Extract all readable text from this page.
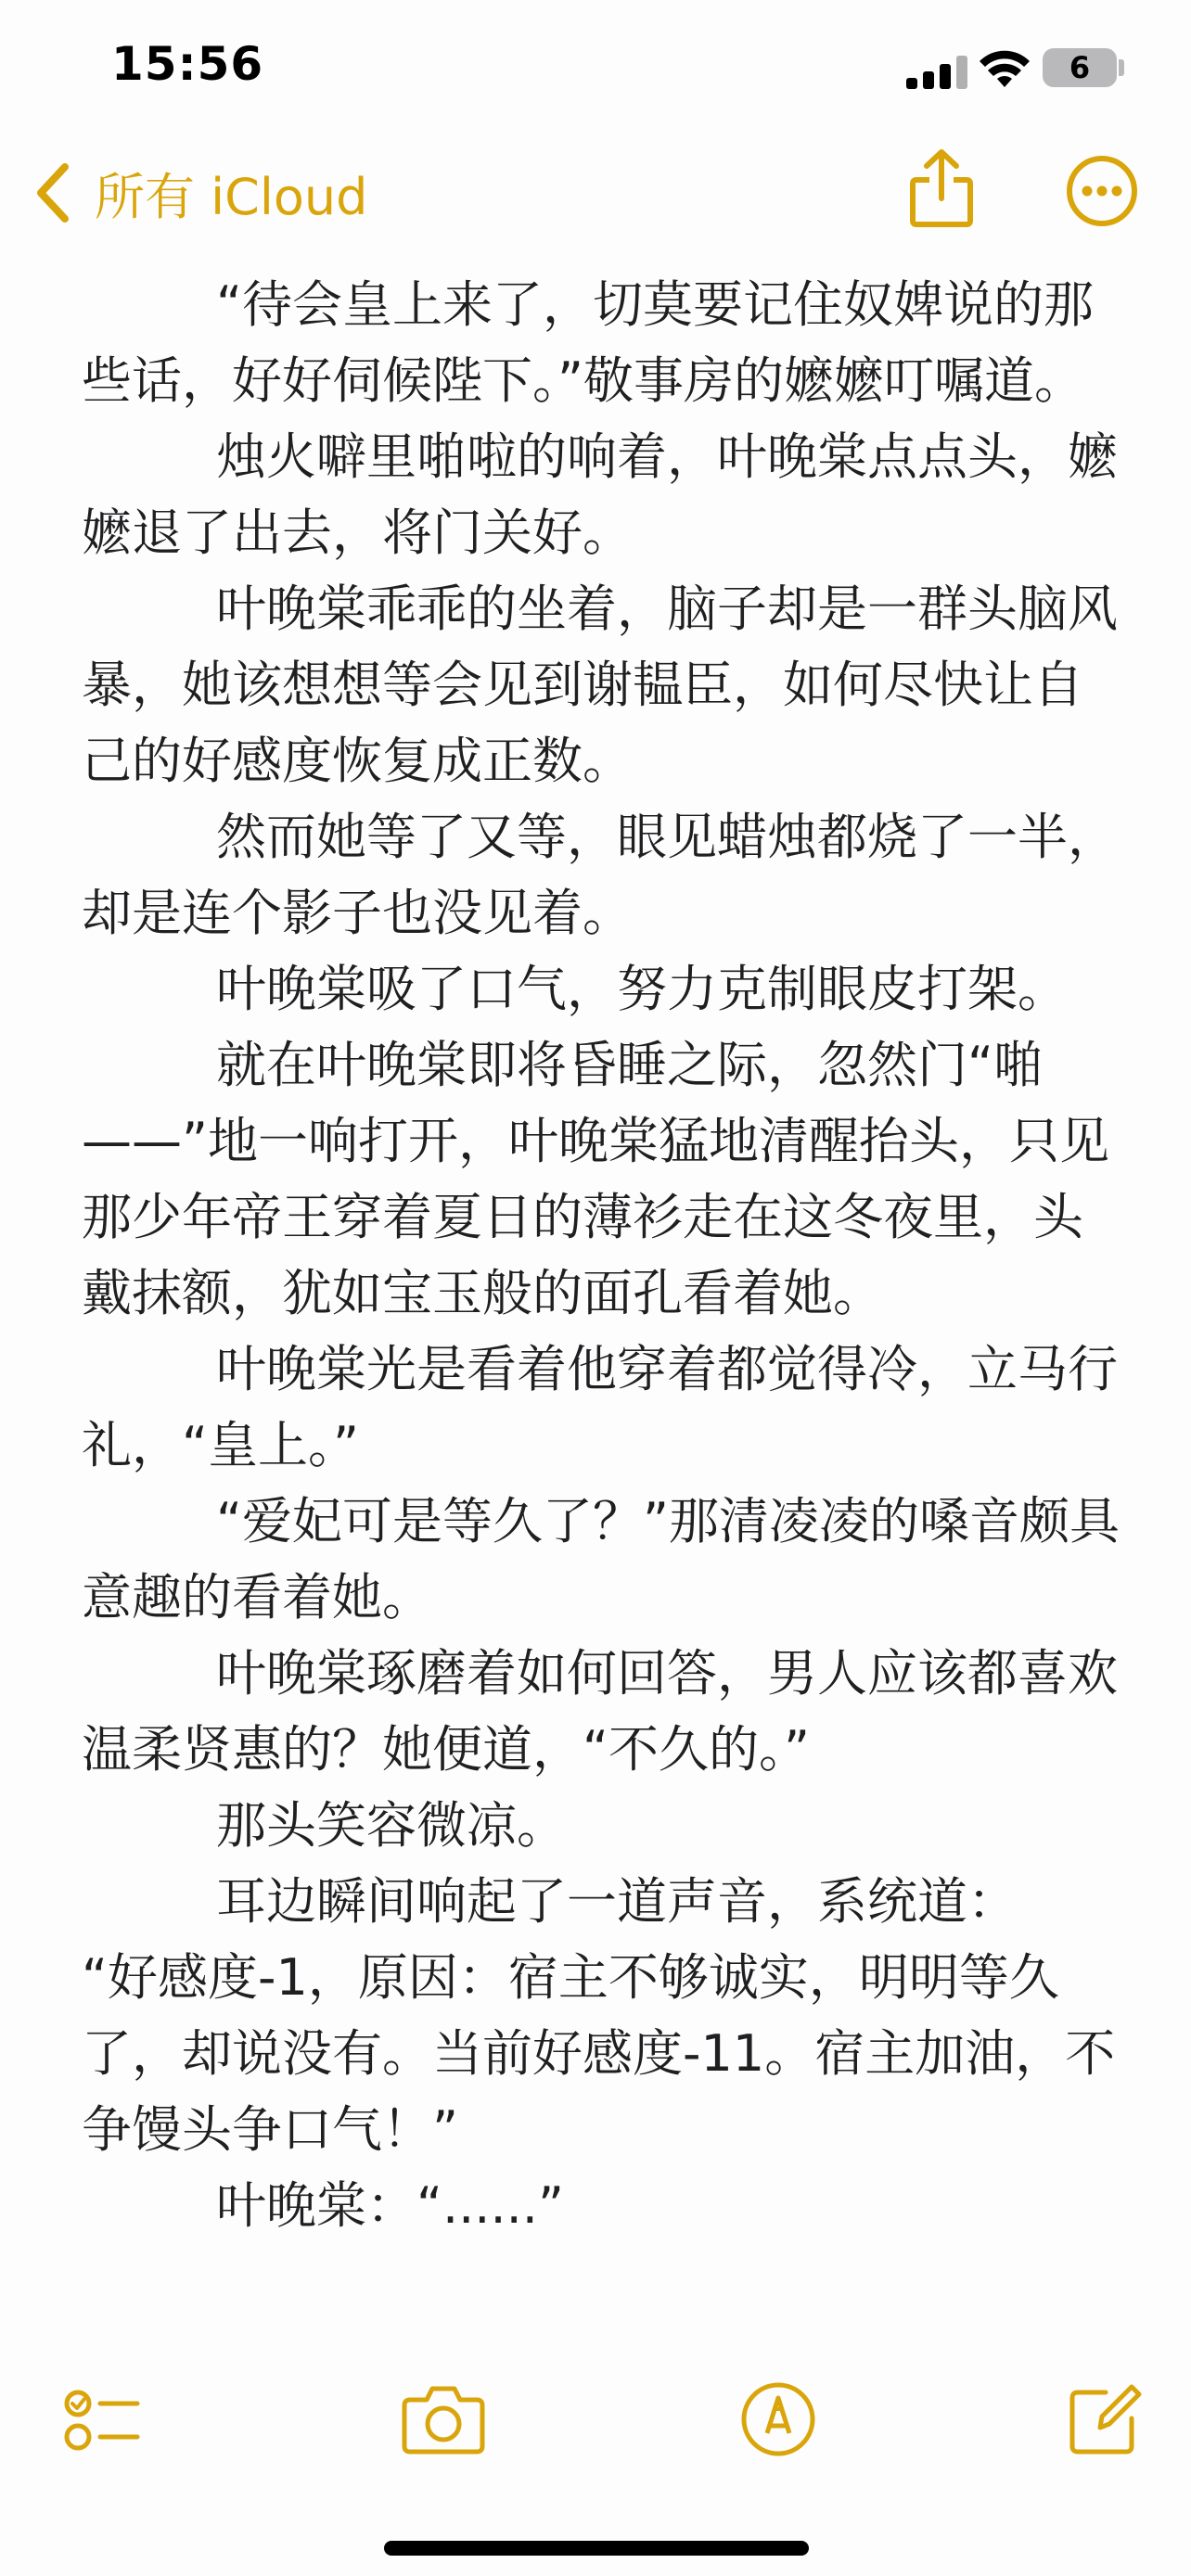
15:56	6
所有 iCloud

“待会皇上来了，切莫要记住奴婢说的那些话，好好伺候陛下。”敬事房的嬷嬷叮嘱道。

烛火噼里啪啦的响着，叶晚棠点点头，嬷嬷退了出去，将门关好。

叶晚棠乖乖的坐着，脑子却是一群头脑风暴，她该想想等会见到谢韫臣，如何尽快让自己的好感度恢复成正数。

然而她等了又等，眼见蜡烛都烧了一半，却是连个影子也没见着。

叶晚棠吸了口气，努力克制眼皮打架。

就在叶晚棠即将昏睡之际，忽然门“啪——”地一响打开，叶晚棠猛地清醒抬头，只见那少年帝王穿着夏日的薄衫走在这冬夜里，头戴抹额，犹如宝玉般的面孔看着她。

叶晚棠光是看着他穿着都觉得冷，立马行礼，“皇上。”

“爱妃可是等久了？”那清凌凌的嗓音颇具意趣的看着她。

叶晚棠琢磨着如何回答，男人应该都喜欢温柔贤惠的？她便道，“不久的。”

那头笑容微凉。

耳边瞬间响起了一道声音，系统道：

“好感度-1，原因：宿主不够诚实，明明等久了，却说没有。当前好感度-11。宿主加油，不争馒头争口气！”

叶晚棠：“......”
